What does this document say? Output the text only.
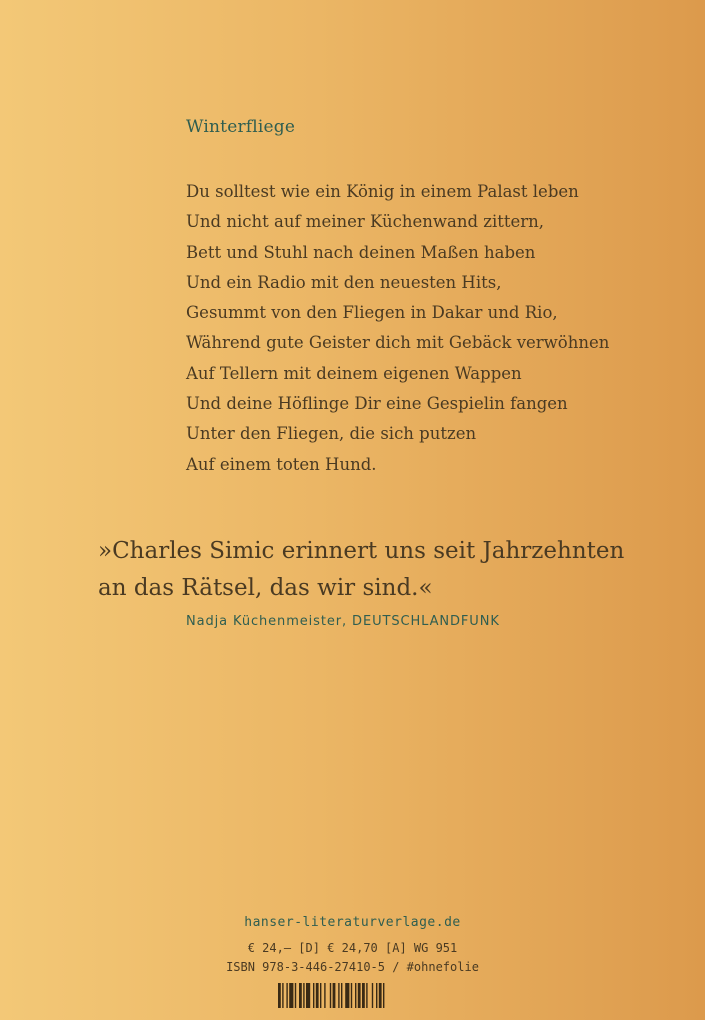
Winterfliege
Du solltest wie ein König in einem Palast leben
Und nicht auf meiner Küchenwand zittern,
Bett und Stuhl nach deinen Maßen haben
Und ein Radio mit den neuesten Hits,
Gesummt von den Fliegen in Dakar und Rio,
Während gute Geister dich mit Gebäck verwöhnen
Auf Tellern mit deinem eigenen Wappen
Und deine Höflinge Dir eine Gespielin fangen
Unter den Fliegen, die sich putzen
Auf einem toten Hund.
»Charles Simic erinnert uns seit Jahrzehnten
an das Rätsel, das wir sind.«
Nadja Küchenmeister, DEUTSCHLANDFUNK
hanser-literaturverlage.de
€ 24,– [D] € 24,70 [A] WG 951
ISBN 978-3-446-27410-5 / #ohnefolie
